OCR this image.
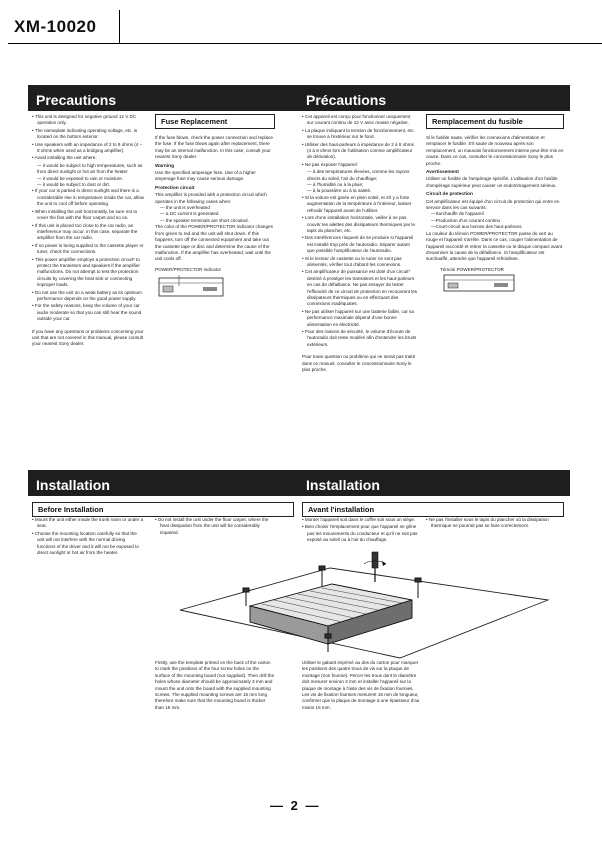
XM-10020
Precautions
• This unit is designed for negative ground 12 V DC operation only.
• The nameplate indicating operating voltage, etc. is located on the bottom exterior.
• Use speakers with an impedance of 2 to 8 ohms (4 – 8 ohms when used as a bridging amplifier).
• Avoid installing the unit where:
— it would be subject to high temperatures, such as from direct sunlight or hot air from the heater.
— it would be exposed to rain or moisture.
— it would be subject to dust or dirt.
• If your car is parked in direct sunlight and there is a considerable rise in temperature inside the car, allow the unit to cool off before operating.
• When installing the unit horizontally, be sure not to cover the fins with the floor carpet and so on.
• If this unit is placed too close to the car radio, an interference may occur. In this case, separate the amplifier from the car radio.
• If no power is being supplied to the cassette player or tuner, check the connections.
• This power amplifier employs a protection circuit* to protect the transistors and speakers if the amplifier malfunctions. Do not attempt to test the protection circuits by covering the heat sink or connecting improper loads.
• Do not use the unit on a weak battery as its optimum performance depends on the good power supply.
• For the safety reasons, keep the volume of your car audio moderate so that you can still hear the sound outside your car.

If you have any questions or problems concerning your unit that are not covered in this manual, please consult your nearest Sony dealer.

Fuse Replacement

If the fuse blows, check the power connection and replace the fuse. If the fuse blows again after replacement, there may be an internal malfunction. In this case, consult your nearest Sony dealer.

Warning

Use the specified amperage fuse. Use of a higher amperage fuse may cause serious damage.

Protection circuit
This amplifier is provided with a protection circuit which operates in the following cases when:
— the unit is overheated
— a DC current is generated
— the speaker terminals are short circuited.

The color of the POWER/PROTECTOR indicator changes from green to red and the unit will shut down. If this happens, turn off the connected equipment and take out the cassette tape or disc and determine the cause of the malfunction. If the amplifier has overheated, wait until the unit cools off.

POWER/PROTECTOR indicator
Précautions
• Cet appareil est conçu pour fonctionner uniquement sur courant continu de 12 V avec masse négative.
• La plaque indiquant la tension de fonctionnement, etc. se trouve à l'extérieur sur le fond.
• Utiliser des haut-parleurs à impédance de 2 à 8 ohms (4 à 8 ohms lors de l'utilisation comme amplificateur de dérivation).
• Ne pas exposer l'appareil:
— à des températures élevées, comme les rayons directs du soleil, l'air du chauffage;
— à l'humidité ou à la pluie;
— à la poussière ou à la saleté.
• Si la voiture est garée en plein soleil, et s'il y a forte augmentation de la température à l'intérieur, laisser refroidir l'appareil avant de l'utiliser.
• Lors d'une installation horizontale, veiller à ne pas couvrir les ailettes des dissipateurs thermiques par le tapis du plancher, etc.
• Des interférences risquent de se produire si l'appareil est installé trop près de l'autoradio. Séparer autant que possible l'amplificateur de l'autoradio.
• Si le lecteur de cassette ou le tuner ne sont pas alimentés, vérifier tout d'abord les connexions.
• Cet amplificateur de puissance est doté d'un circuit* destiné à protéger les transistors et les haut-parleurs en cas de défaillance. Ne pas essayer de tester l'efficacité de ce circuit de protection en recouvrant les dissipateurs thermiques ou en effectuant des connexions inadéquates.
• Ne pas utiliser l'appareil sur une batterie faible, car sa performance maximale dépend d'une bonne alimentation en électricité.
• Pour des raisons de sécurité, le volume d'écoute de l'autoradio doit reste modéré afin d'entendre les bruits extérieurs.

Pour toute question ou problème qui ne serait pas traité dans ce manuel, consulter le concessionnaire Sony le plus proche.

Remplacement du fusible

Si le fusible saute, vérifier les connexions d'alimentation et remplacer le fusible. S'il saute de nouveau après son remplacement, un mauvais fonctionnement interne peut être mis en cause. Dans ce cas, consulter le concessionnaire Sony le plus proche.

Avertissement

Utiliser un fusible de l'ampérage spécifié. L'utilisation d'un fusible d'ampérage supérieur peut causer un endommagement sérieux.

Circuit de protection
Cet amplificateur est équipé d'un circuit de protection qui entre en service dans les cas suivants:
—Surchauffe de l'appareil
—Production d'un courant continu
—Court-circuit aux bornes des haut-parleurs.

La couleur du témoin POWER/PROTECTOR passe du vert au rouge et l'appareil s'arrête. Dans ce cas, couper l'alimentation de l'appareil raccordé et retirer la cassette ou le disque compact avant d'examiner la cause de la défaillance. Si l'amplificateur est surchauffé, attendre que l'appareil refroidisse.

Témoin POWER/PROTECTOR
Installation
Before Installation
• Mount the unit either inside the trunk room or under a seat.
• Choose the mounting location carefully so that the unit will not interfere with the normal driving functions of the driver and it will not be exposed to direct sunlight or hot air from the heater.
• Do not install the unit under the floor carpet, where the heat dissipation from the unit will be considerably impaired.
Installation
Avant l'installation
• Monter l'appareil soit dans le coffre soit sous un siège.
• Bien choisir l'emplacement pour que l'appareil ne gêne pas les mouvements du conducteur et qu'il ne soit pas exposé au soleil ou à l'air du chauffage.
• Ne pas l'installer sous le tapis du plancher où la dissipation thermique ne pourrait pas se faire correctement.
Firstly, use the template printed on the back of the carton to mark the positions of the four screw holes on the surface of the mounting board (not supplied). Then drill the holes whose diameter should be approximately 3 mm and mount the unit onto the board with the supplied mounting screws. The supplied mounting screws are 15 mm long therefore make sure that the mounting board is thicker than 15 mm.
Utiliser le gabarit imprimé au dos du carton pour marquer les positions des quatre trous de vis sur la plaque de montage (non fournie). Percer les trous dont le diamètre doit mesurer environ 3 mm et installer l'appareil sur la plaque de montage à l'aide des vis de fixation fournies. Les vis de fixation fournies mesurent 15 mm de longueur, confirmer que la plaque de montage à une épaisseur d'au moins 15 mm.
— 2 —
